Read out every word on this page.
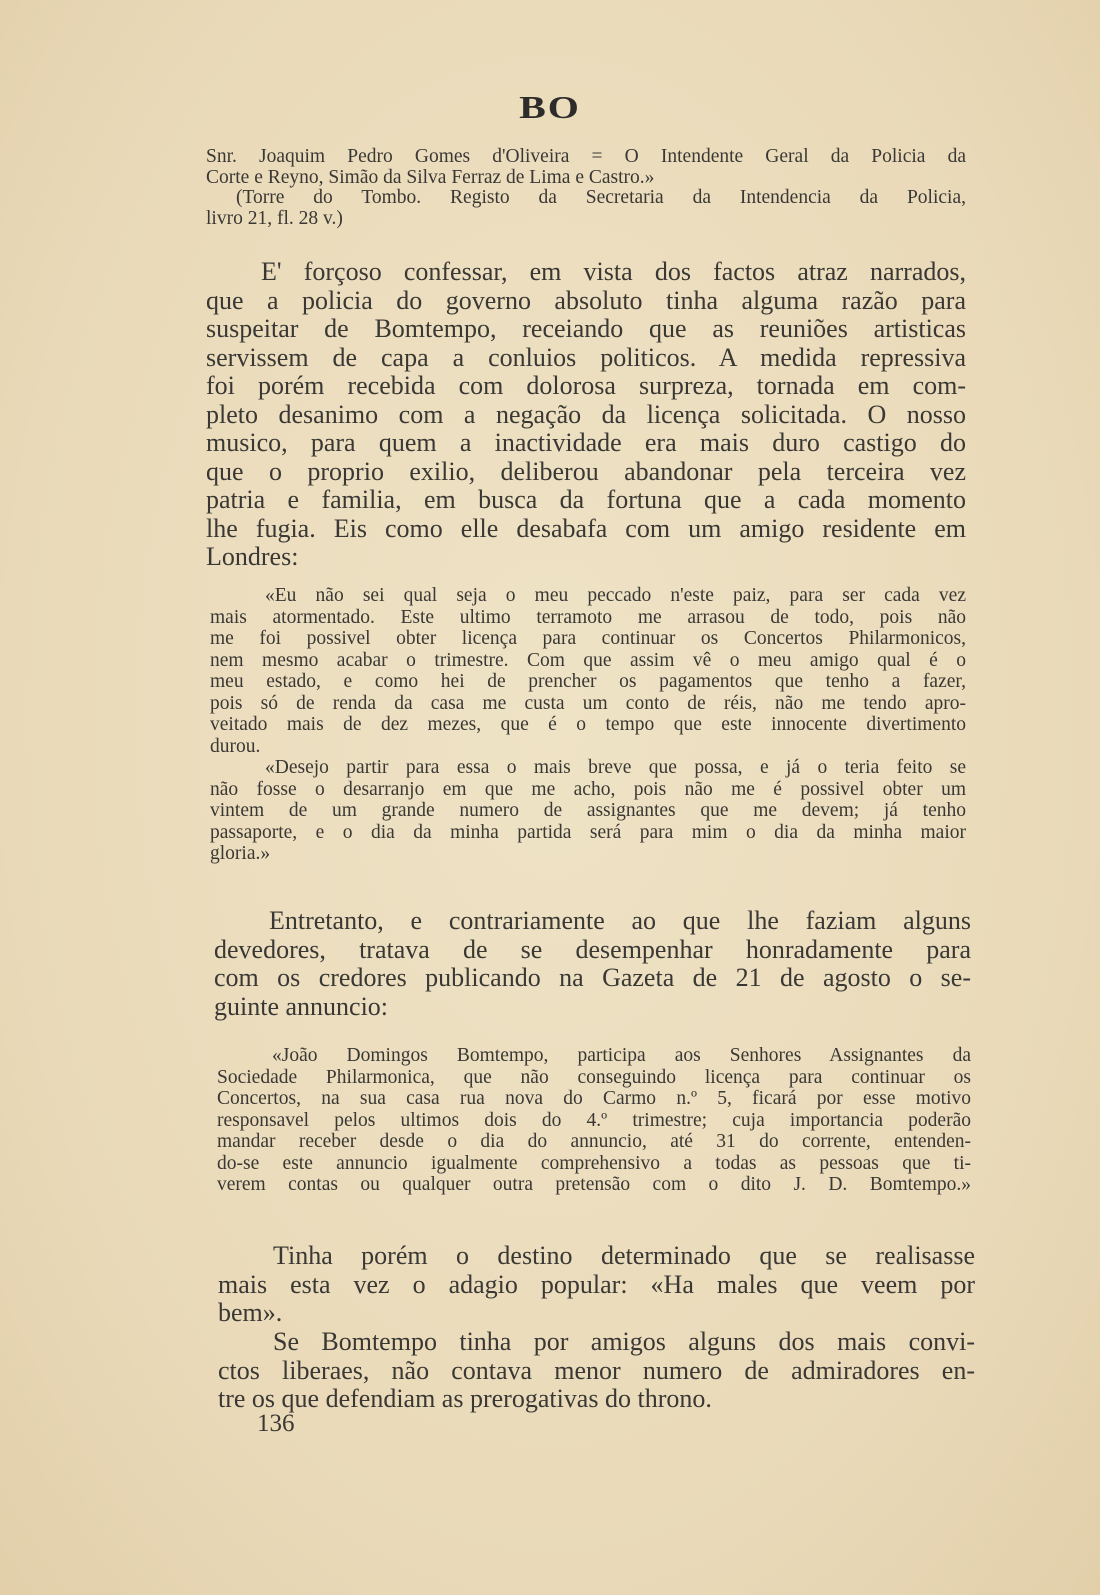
BO
Snr. Joaquim Pedro Gomes d'Oliveira = O Intendente Geral da Policia da
Corte e Reyno, Simão da Silva Ferraz de Lima e Castro.»
(Torre do Tombo. Registo da Secretaria da Intendencia da Policia,
livro 21, fl. 28 v.)
E' forçoso confessar, em vista dos factos atraz narrados,
que a policia do governo absoluto tinha alguma razão para
suspeitar de Bomtempo, receiando que as reuniões artisticas
servissem de capa a conluios politicos. A medida repressiva
foi porém recebida com dolorosa surpreza, tornada em com-
pleto desanimo com a negação da licença solicitada. O nosso
musico, para quem a inactividade era mais duro castigo do
que o proprio exilio, deliberou abandonar pela terceira vez
patria e familia, em busca da fortuna que a cada momento
lhe fugia. Eis como elle desabafa com um amigo residente em
Londres:
«Eu não sei qual seja o meu peccado n'este paiz, para ser cada vez
mais atormentado. Este ultimo terramoto me arrasou de todo, pois não
me foi possivel obter licença para continuar os Concertos Philarmonicos,
nem mesmo acabar o trimestre. Com que assim vê o meu amigo qual é o
meu estado, e como hei de prencher os pagamentos que tenho a fazer,
pois só de renda da casa me custa um conto de réis, não me tendo apro-
veitado mais de dez mezes, que é o tempo que este innocente divertimento
durou.
«Desejo partir para essa o mais breve que possa, e já o teria feito se
não fosse o desarranjo em que me acho, pois não me é possivel obter um
vintem de um grande numero de assignantes que me devem; já tenho
passaporte, e o dia da minha partida será para mim o dia da minha maior
gloria.»
Entretanto, e contrariamente ao que lhe faziam alguns
devedores, tratava de se desempenhar honradamente para
com os credores publicando na Gazeta de 21 de agosto o se-
guinte annuncio:
«João Domingos Bomtempo, participa aos Senhores Assignantes da
Sociedade Philarmonica, que não conseguindo licença para continuar os
Concertos, na sua casa rua nova do Carmo n.º 5, ficará por esse motivo
responsavel pelos ultimos dois do 4.º trimestre; cuja importancia poderão
mandar receber desde o dia do annuncio, até 31 do corrente, entenden-
do-se este annuncio igualmente comprehensivo a todas as pessoas que ti-
verem contas ou qualquer outra pretensão com o dito J. D. Bomtempo.»
Tinha porém o destino determinado que se realisasse
mais esta vez o adagio popular: «Ha males que veem por
bem».
Se Bomtempo tinha por amigos alguns dos mais convi-
ctos liberaes, não contava menor numero de admiradores en-
tre os que defendiam as prerogativas do throno.
136
